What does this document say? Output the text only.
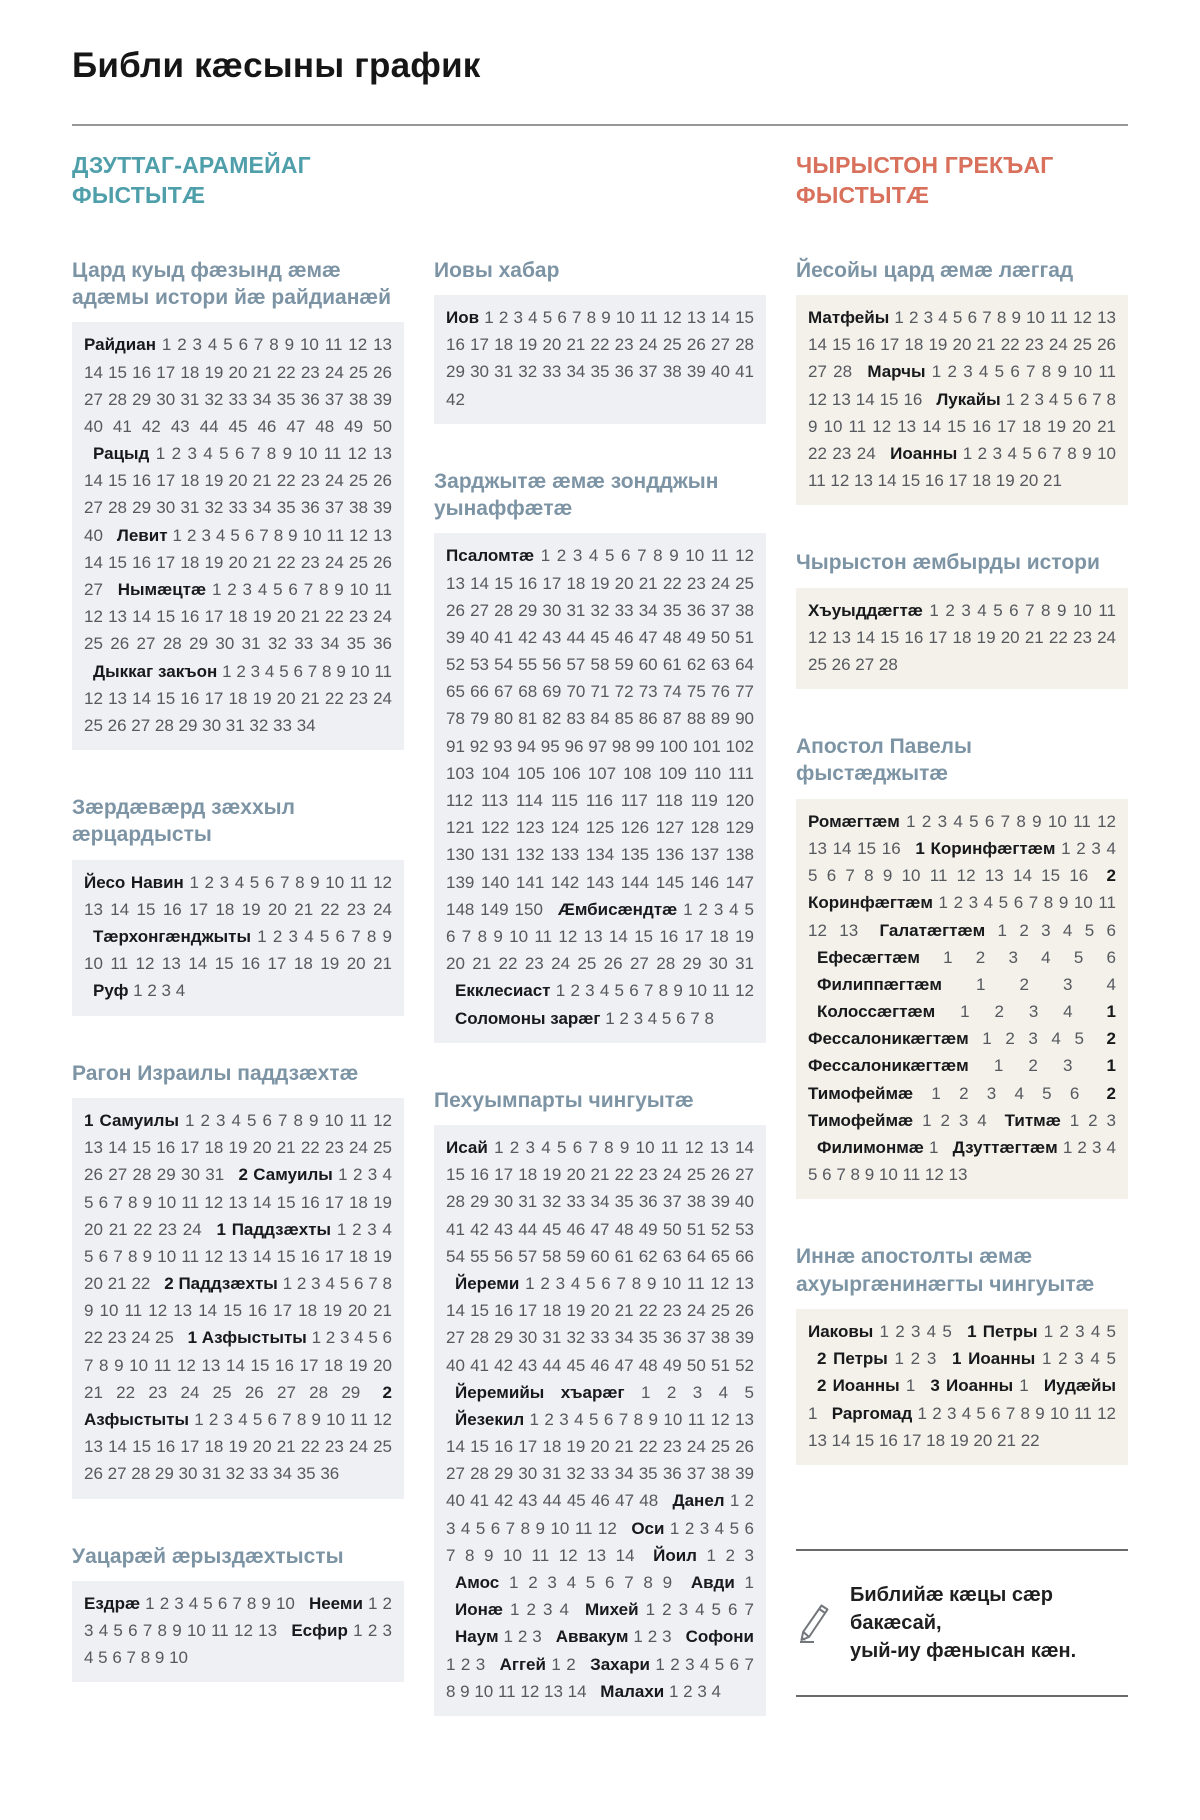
Библи кæсыны график
ДЗУТТАГ-АРАМЕЙАГ ФЫСТЫТÆ
ЧЫРЫСТОН ГРЕКЪАГ ФЫСТЫТÆ
Цард куыд фæзынд æмæ адæмы истори йæ райдианæй
Райдиан 1 2 3 4 5 6 7 8 9 10 11 12 13 14 15 16 17 18 19 20 21 22 23 24 25 26 27 28 29 30 31 32 33 34 35 36 37 38 39 40 41 42 43 44 45 46 47 48 49 50 Рацыд 1 2 3 4 5 6 7 8 9 10 11 12 13 14 15 16 17 18 19 20 21 22 23 24 25 26 27 28 29 30 31 32 33 34 35 36 37 38 39 40 Левит 1 2 3 4 5 6 7 8 9 10 11 12 13 14 15 16 17 18 19 20 21 22 23 24 25 26 27 Нымæцтæ 1 2 3 4 5 6 7 8 9 10 11 12 13 14 15 16 17 18 19 20 21 22 23 24 25 26 27 28 29 30 31 32 33 34 35 36 Дыккаг закъон 1 2 3 4 5 6 7 8 9 10 11 12 13 14 15 16 17 18 19 20 21 22 23 24 25 26 27 28 29 30 31 32 33 34
Зæрдæвæрд зæххыл æрцардысты
Йесо Навин 1 2 3 4 5 6 7 8 9 10 11 12 13 14 15 16 17 18 19 20 21 22 23 24 Тæрхонгæнджыты 1 2 3 4 5 6 7 8 9 10 11 12 13 14 15 16 17 18 19 20 21 Руф 1 2 3 4
Рагон Израилы паддзæхтæ
1 Самуилы 1 2 3 4 5 6 7 8 9 10 11 12 13 14 15 16 17 18 19 20 21 22 23 24 25 26 27 28 29 30 31 2 Самуилы 1 2 3 4 5 6 7 8 9 10 11 12 13 14 15 16 17 18 19 20 21 22 23 24 1 Паддзæхты 1 2 3 4 5 6 7 8 9 10 11 12 13 14 15 16 17 18 19 20 21 22 2 Паддзæхты 1 2 3 4 5 6 7 8 9 10 11 12 13 14 15 16 17 18 19 20 21 22 23 24 25 1 Азфыстыты 1 2 3 4 5 6 7 8 9 10 11 12 13 14 15 16 17 18 19 20 21 22 23 24 25 26 27 28 29 2 Азфыстыты 1 2 3 4 5 6 7 8 9 10 11 12 13 14 15 16 17 18 19 20 21 22 23 24 25 26 27 28 29 30 31 32 33 34 35 36
Уацарæй æрыздæхтысты
Ездрæ 1 2 3 4 5 6 7 8 9 10 Нееми 1 2 3 4 5 6 7 8 9 10 11 12 13 Есфир 1 2 3 4 5 6 7 8 9 10
Иовы хабар
Иов 1 2 3 4 5 6 7 8 9 10 11 12 13 14 15 16 17 18 19 20 21 22 23 24 25 26 27 28 29 30 31 32 33 34 35 36 37 38 39 40 41 42
Зарджытæ æмæ зондджын уынаффæтæ
Псаломтæ 1 2 3 4 5 6 7 8 9 10 11 12 13 14 15 16 17 18 19 20 21 22 23 24 25 26 27 28 29 30 31 32 33 34 35 36 37 38 39 40 41 42 43 44 45 46 47 48 49 50 51 52 53 54 55 56 57 58 59 60 61 62 63 64 65 66 67 68 69 70 71 72 73 74 75 76 77 78 79 80 81 82 83 84 85 86 87 88 89 90 91 92 93 94 95 96 97 98 99 100 101 102 103 104 105 106 107 108 109 110 111 112 113 114 115 116 117 118 119 120 121 122 123 124 125 126 127 128 129 130 131 132 133 134 135 136 137 138 139 140 141 142 143 144 145 146 147 148 149 150 Æмбисæндтæ 1 2 3 4 5 6 7 8 9 10 11 12 13 14 15 16 17 18 19 20 21 22 23 24 25 26 27 28 29 30 31 Екклесиаст 1 2 3 4 5 6 7 8 9 10 11 12 Соломоны зарæг 1 2 3 4 5 6 7 8
Пехуымпарты чингуытæ
Исай 1 2 3 4 5 6 7 8 9 10 11 12 13 14 15 16 17 18 19 20 21 22 23 24 25 26 27 28 29 30 31 32 33 34 35 36 37 38 39 40 41 42 43 44 45 46 47 48 49 50 51 52 53 54 55 56 57 58 59 60 61 62 63 64 65 66 Йереми 1 2 3 4 5 6 7 8 9 10 11 12 13 14 15 16 17 18 19 20 21 22 23 24 25 26 27 28 29 30 31 32 33 34 35 36 37 38 39 40 41 42 43 44 45 46 47 48 49 50 51 52 Йеремийы хъарæг 1 2 3 4 5 Йезекил 1 2 3 4 5 6 7 8 9 10 11 12 13 14 15 16 17 18 19 20 21 22 23 24 25 26 27 28 29 30 31 32 33 34 35 36 37 38 39 40 41 42 43 44 45 46 47 48 Данел 1 2 3 4 5 6 7 8 9 10 11 12 Оси 1 2 3 4 5 6 7 8 9 10 11 12 13 14 Йоил 1 2 3 Амос 1 2 3 4 5 6 7 8 9 Авди 1 Ионæ 1 2 3 4 Михей 1 2 3 4 5 6 7 Наум 1 2 3 Аввакум 1 2 3 Софони 1 2 3 Аггей 1 2 Захари 1 2 3 4 5 6 7 8 9 10 11 12 13 14 Малахи 1 2 3 4
Йесойы цард æмæ лæггад
Матфейы 1 2 3 4 5 6 7 8 9 10 11 12 13 14 15 16 17 18 19 20 21 22 23 24 25 26 27 28 Марчы 1 2 3 4 5 6 7 8 9 10 11 12 13 14 15 16 Лукайы 1 2 3 4 5 6 7 8 9 10 11 12 13 14 15 16 17 18 19 20 21 22 23 24 Иоанны 1 2 3 4 5 6 7 8 9 10 11 12 13 14 15 16 17 18 19 20 21
Чырыстон æмбырды истори
Хъуыддæгтæ 1 2 3 4 5 6 7 8 9 10 11 12 13 14 15 16 17 18 19 20 21 22 23 24 25 26 27 28
Апостол Павелы фыстæджытæ
Ромæгтæм 1 2 3 4 5 6 7 8 9 10 11 12 13 14 15 16 1 Коринфæгтæм 1 2 3 4 5 6 7 8 9 10 11 12 13 14 15 16 2 Коринфæгтæм 1 2 3 4 5 6 7 8 9 10 11 12 13 Галатæгтæм 1 2 3 4 5 6 Ефесæгтæм 1 2 3 4 5 6 Филиппæгтæм 1 2 3 4 Колоссæгтæм 1 2 3 4 1 Фессалоникæгтæм 1 2 3 4 5 2 Фессалоникæгтæм 1 2 3 1 Тимофеймæ 1 2 3 4 5 6 2 Тимофеймæ 1 2 3 4 Титмæ 1 2 3 Филимонмæ 1 Дзуттæгтæм 1 2 3 4 5 6 7 8 9 10 11 12 13
Иннæ апостолты æмæ ахуыргæнинæгты чингуытæ
Иаковы 1 2 3 4 5 1 Петры 1 2 3 4 5 2 Петры 1 2 3 1 Иоанны 1 2 3 4 5 2 Иоанны 1 3 Иоанны 1 Иудæйы 1 Раргомад 1 2 3 4 5 6 7 8 9 10 11 12 13 14 15 16 17 18 19 20 21 22
Библийæ кæцы сæр бакæсай,
уый-иу фæнысан кæн.
